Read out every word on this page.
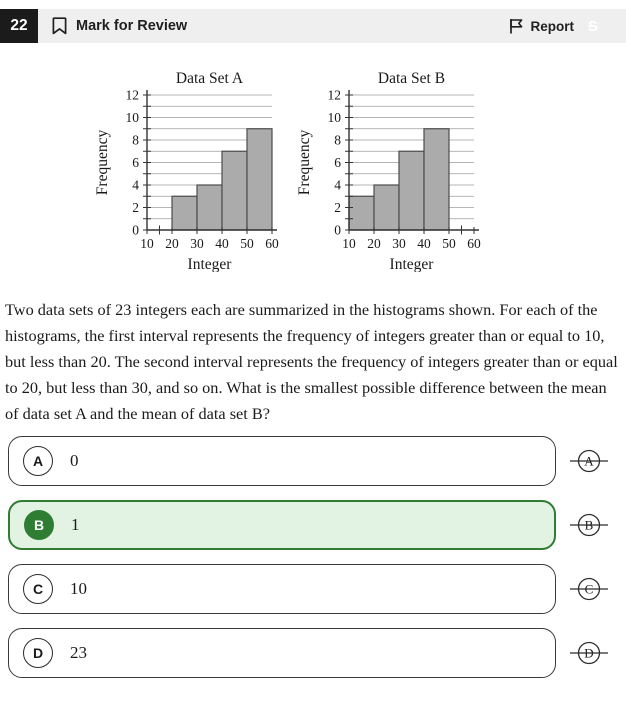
22	Mark for Review	Report S
Data Set A
0
2
4
6
8
10
12
10 20 30 40 50 60
Integer
Frequency
Data Set B
0
2
4
6
8
10
12
10 20 30 40 50 60
Integer
Frequency

Two data sets of 23 integers each are summarized in the histograms shown. For each of the histograms, the first interval represents the frequency of integers greater than or equal to 10, but less than 20. The second interval represents the frequency of integers greater than or equal to 20, but less than 30, and so on. What is the smallest possible difference between the mean of data set A and the mean of data set B?

A	0	A
B	1	B
C	10	C
D	23	D
